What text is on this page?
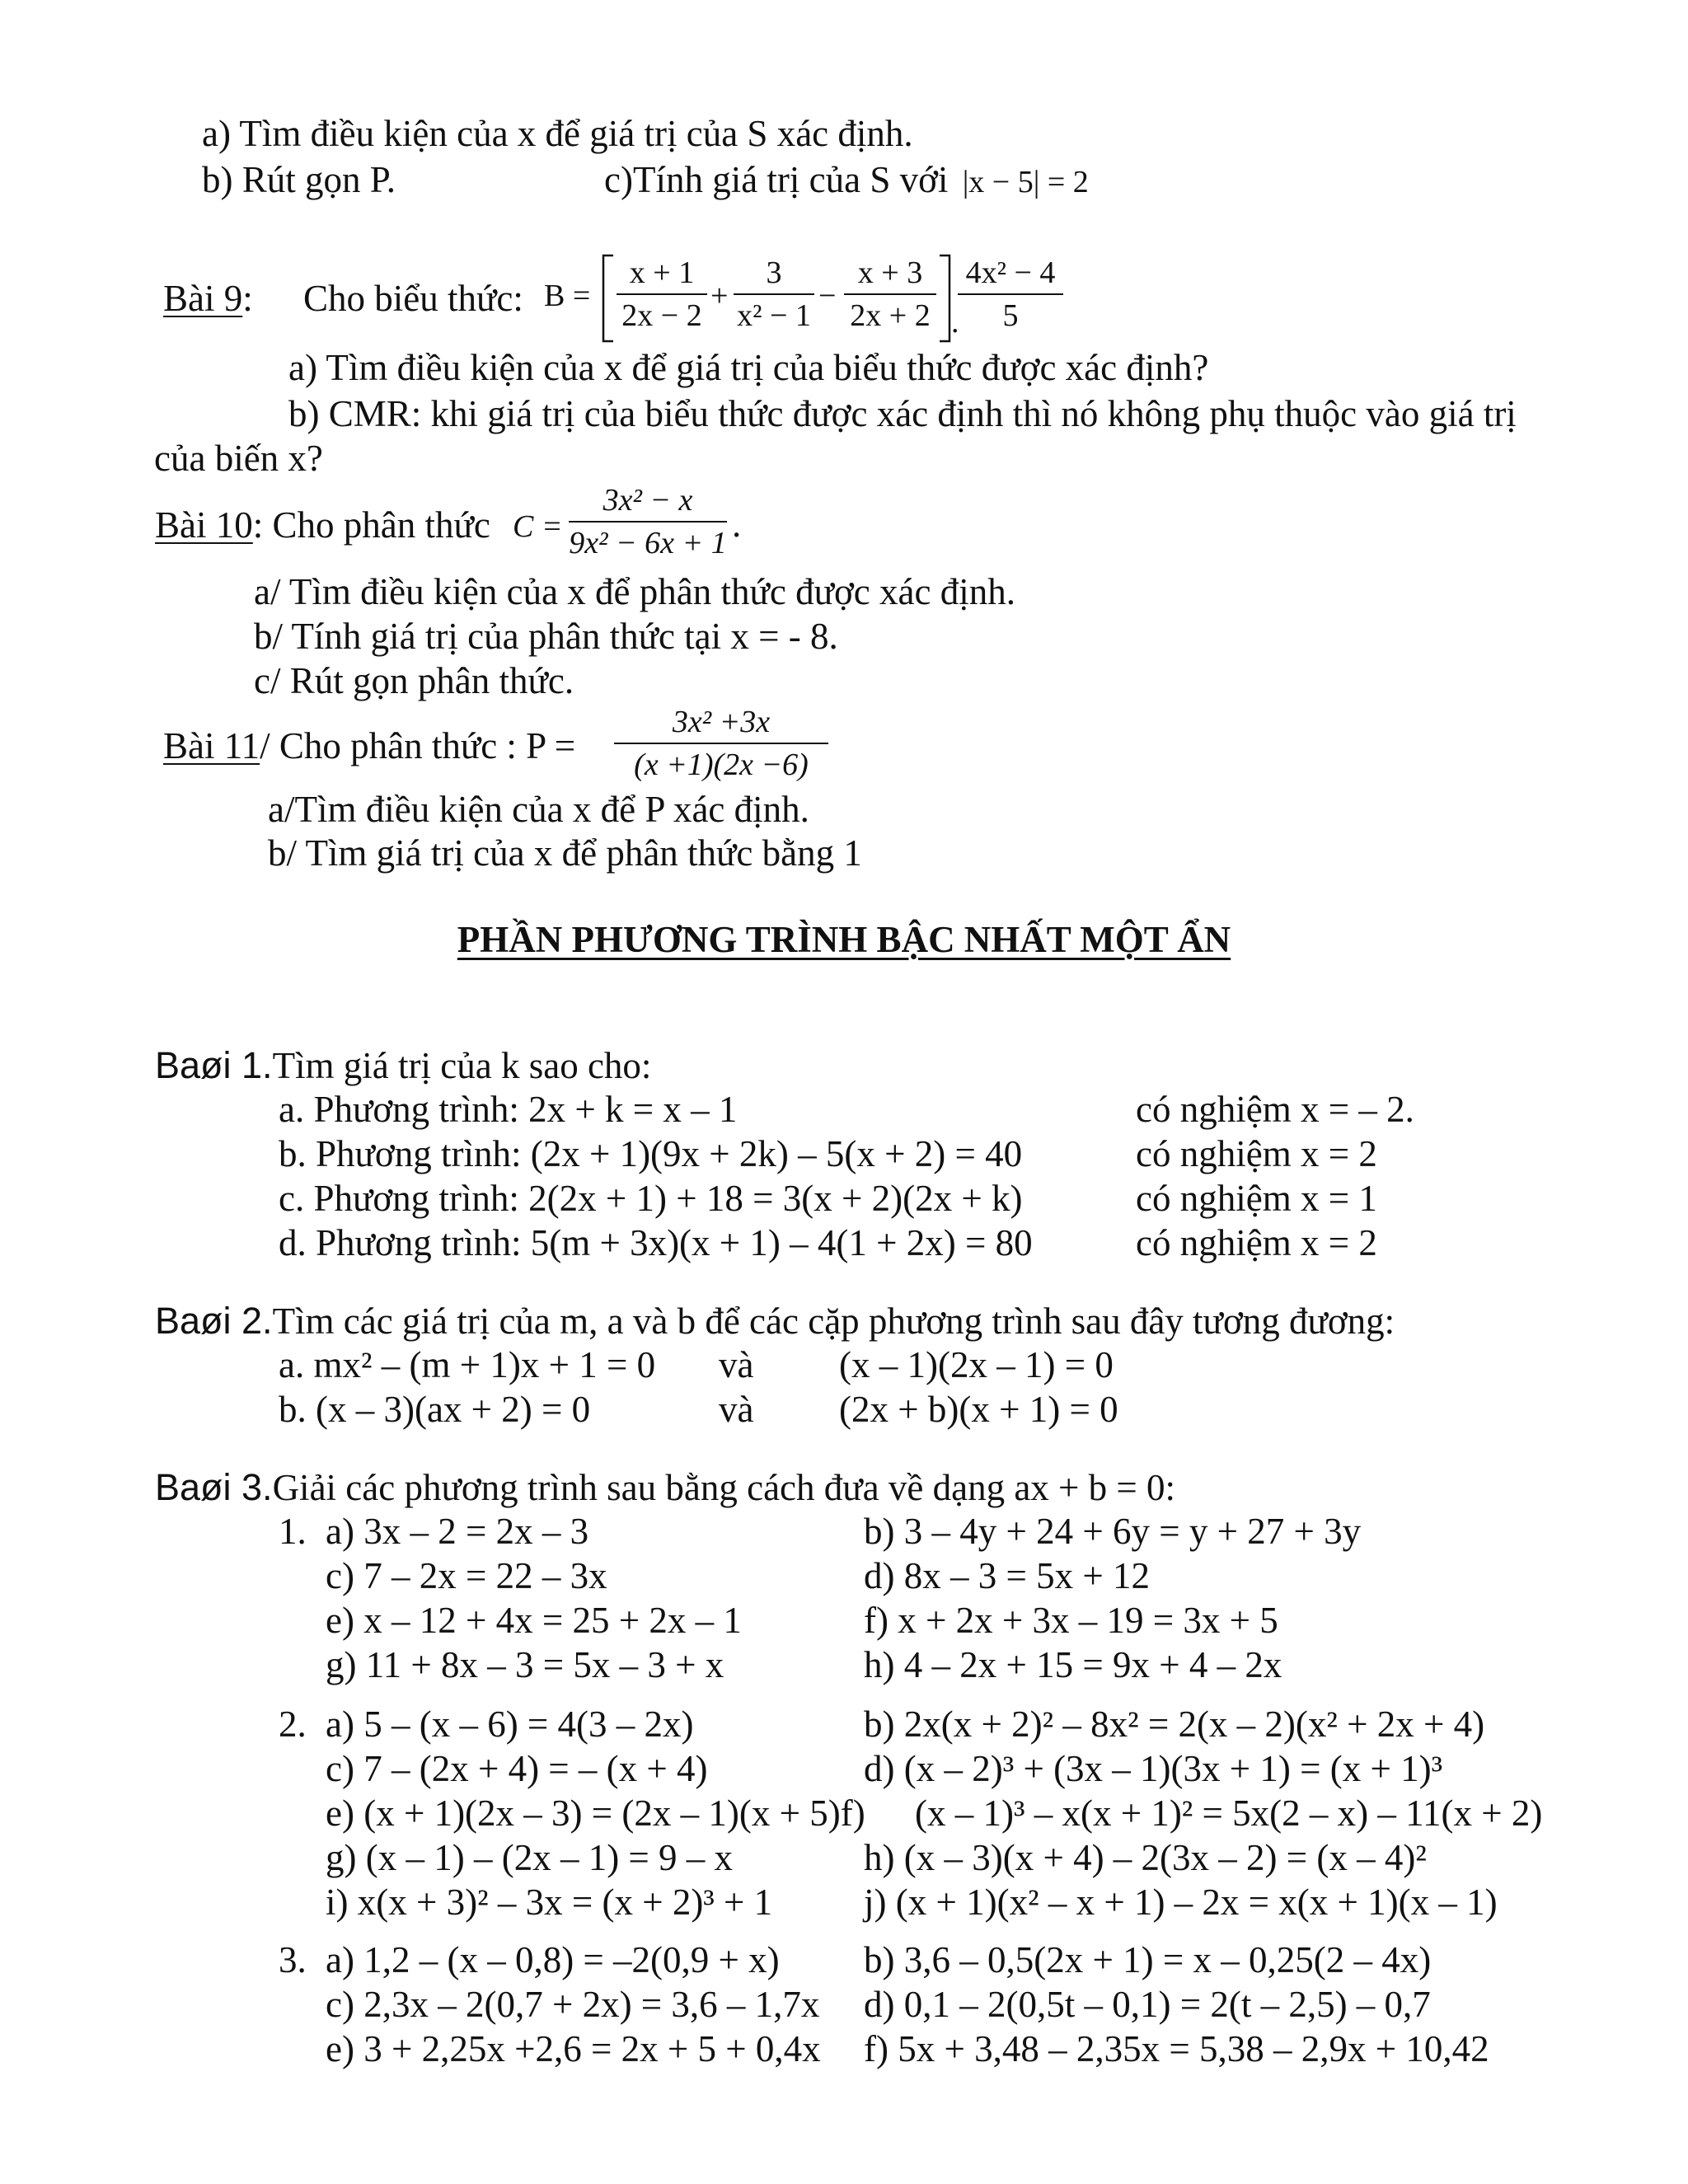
a) Tìm điều kiện của x để giá trị của S xác định.
b) Rút gọn P.	c)Tính giá trị của S với |x − 5| = 2
Bài 9: Cho biểu thức: B =
x + 1
2x − 2
+
3
x² − 1
−
x + 3
2x + 2 .
4x² − 4
5
a) Tìm điều kiện của x để giá trị của biểu thức được xác định?
b) CMR: khi giá trị của biểu thức được xác định thì nó không phụ thuộc vào giá trị
của biến x?
Bài 10: Cho phân thức C =
3x² − x
9x² − 6x + 1 .
a/ Tìm điều kiện của x để phân thức được xác định.
b/ Tính giá trị của phân thức tại x = - 8.
c/ Rút gọn phân thức.
Bài 11/ Cho phân thức : P =
3x² +3x
(x +1)(2x −6)
a/Tìm điều kiện của x để P xác định.
b/ Tìm giá trị của x để phân thức bằng 1
PHẦN PHƯƠNG TRÌNH BẬC NHẤT MỘT ẨN
Baøi 1.Tìm giá trị của k sao cho:
a. Phương trình: 2x + k = x – 1	có nghiệm x = – 2.
b. Phương trình: (2x + 1)(9x + 2k) – 5(x + 2) = 40	có nghiệm x = 2
c. Phương trình: 2(2x + 1) + 18 = 3(x + 2)(2x + k)	có nghiệm x = 1
d. Phương trình: 5(m + 3x)(x + 1) – 4(1 + 2x) = 80	có nghiệm x = 2
Baøi 2.Tìm các giá trị của m, a và b để các cặp phương trình sau đây tương đương:
a. mx² – (m + 1)x + 1 = 0 và (x – 1)(2x – 1) = 0
b. (x – 3)(ax + 2) = 0	và (2x + b)(x + 1) = 0
Baøi 3.Giải các phương trình sau bằng cách đưa về dạng ax + b = 0:
1. a) 3x – 2 = 2x – 3	b) 3 – 4y + 24 + 6y = y + 27 + 3y
c) 7 – 2x = 22 – 3x	d) 8x – 3 = 5x + 12
e) x – 12 + 4x = 25 + 2x – 1	f) x + 2x + 3x – 19 = 3x + 5
g) 11 + 8x – 3 = 5x – 3 + x	h) 4 – 2x + 15 = 9x + 4 – 2x
2. a) 5 – (x – 6) = 4(3 – 2x)	b) 2x(x + 2)² – 8x² = 2(x – 2)(x² + 2x + 4)
c) 7 – (2x + 4) = – (x + 4)	d) (x – 2)³ + (3x – 1)(3x + 1) = (x + 1)³
e) (x + 1)(2x – 3) = (2x – 1)(x + 5)f) (x – 1)³ – x(x + 1)² = 5x(2 – x) – 11(x + 2)
g) (x – 1) – (2x – 1) = 9 – x	h) (x – 3)(x + 4) – 2(3x – 2) = (x – 4)²
i) x(x + 3)² – 3x = (x + 2)³ + 1 j) (x + 1)(x² – x + 1) – 2x = x(x + 1)(x – 1)
3. a) 1,2 – (x – 0,8) = –2(0,9 + x) b) 3,6 – 0,5(2x + 1) = x – 0,25(2 – 4x)
c) 2,3x – 2(0,7 + 2x) = 3,6 – 1,7x d) 0,1 – 2(0,5t – 0,1) = 2(t – 2,5) – 0,7
e) 3 + 2,25x +2,6 = 2x + 5 + 0,4x f) 5x + 3,48 – 2,35x = 5,38 – 2,9x + 10,42
